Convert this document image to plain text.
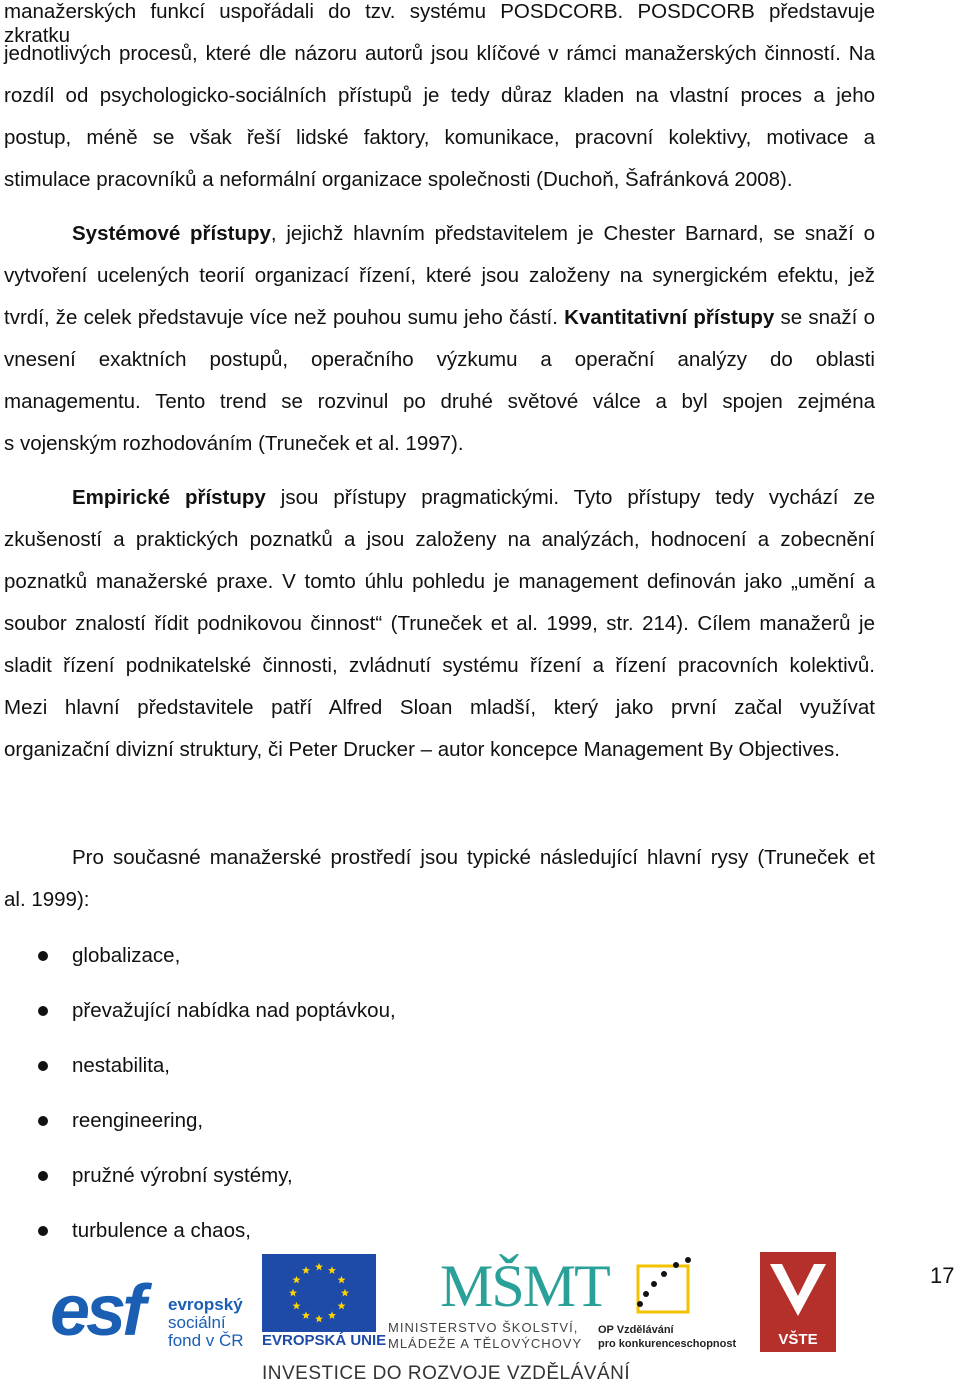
manažerských funkcí uspořádali do tzv. systému POSDCORB. POSDCORB představuje zkratku
jednotlivých procesů, které dle názoru autorů jsou klíčové v rámci manažerských činností. Na
rozdíl od psychologicko-sociálních přístupů je tedy důraz kladen na vlastní proces a jeho
postup, méně se však řeší lidské faktory, komunikace, pracovní kolektivy, motivace a
stimulace pracovníků a neformální organizace společnosti (Duchoň, Šafránková 2008).
Systémové přístupy, jejichž hlavním představitelem je Chester Barnard, se snaží o
vytvoření ucelených teorií organizací řízení, které jsou založeny na synergickém efektu, jež
tvrdí, že celek představuje více než pouhou sumu jeho částí. Kvantitativní přístupy se snaží o
vnesení exaktních postupů, operačního výzkumu a operační analýzy do oblasti
managementu. Tento trend se rozvinul po druhé světové válce a byl spojen zejména
s vojenským rozhodováním (Truneček et al. 1997).
Empirické přístupy jsou přístupy pragmatickými. Tyto přístupy tedy vychází ze
zkušeností a praktických poznatků a jsou založeny na analýzách, hodnocení a zobecnění
poznatků manažerské praxe. V tomto úhlu pohledu je management definován jako „umění a
soubor znalostí řídit podnikovou činnost“ (Truneček et al. 1999, str. 214). Cílem manažerů je
sladit řízení podnikatelské činnosti, zvládnutí systému řízení a řízení pracovních kolektivů.
Mezi hlavní představitele patří Alfred Sloan mladší, který jako první začal využívat
organizační divizní struktury, či Peter Drucker – autor koncepce Management By Objectives.
Pro současné manažerské prostředí jsou typické následující hlavní rysy (Truneček et
al. 1999):
globalizace,
převažující nabídka nad poptávkou,
nestabilita,
reengineering,
pružné výrobní systémy,
turbulence a chaos,
17
esf evropský
sociální
fond v ČR EVROPSKÁ UNIE
MŠMT
MINISTERSTVO ŠKOLSTVÍ,
MLÁDEŽE A TĚLOVÝCHOVY
OP Vzdělávání
pro konkurenceschopnost	VŠTE
INVESTICE DO ROZVOJE VZDĚLÁVÁNÍ
